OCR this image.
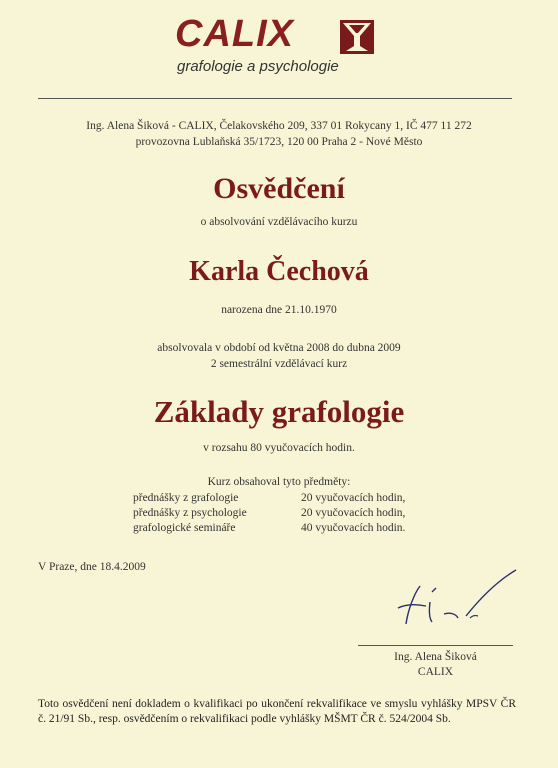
CALIX
grafologie a psychologie
Ing. Alena Šiková - CALIX, Čelakovského 209, 337 01 Rokycany 1, IČ 477 11 272
provozovna Lublaňská 35/1723, 120 00 Praha 2 - Nové Město
Osvědčení
o absolvování vzdělávacího kurzu
Karla Čechová
narozena dne 21.10.1970
absolvovala v období od května 2008 do dubna 2009
2 semestrální vzdělávací kurz
Základy grafologie
v rozsahu 80 vyučovacích hodin.
Kurz obsahoval tyto předměty:
přednášky z grafologie	20 vyučovacích hodin,
přednášky z psychologie	20 vyučovacích hodin,
grafologické semináře	40 vyučovacích hodin.
V Praze, dne 18.4.2009
Ing. Alena Šiková
CALIX
Toto osvědčení není dokladem o kvalifikaci po ukončení rekvalifikace ve smyslu vyhlášky MPSV ČR č. 21/91 Sb., resp. osvědčením o rekvalifikaci podle vyhlášky MŠMT ČR č. 524/2004 Sb.
